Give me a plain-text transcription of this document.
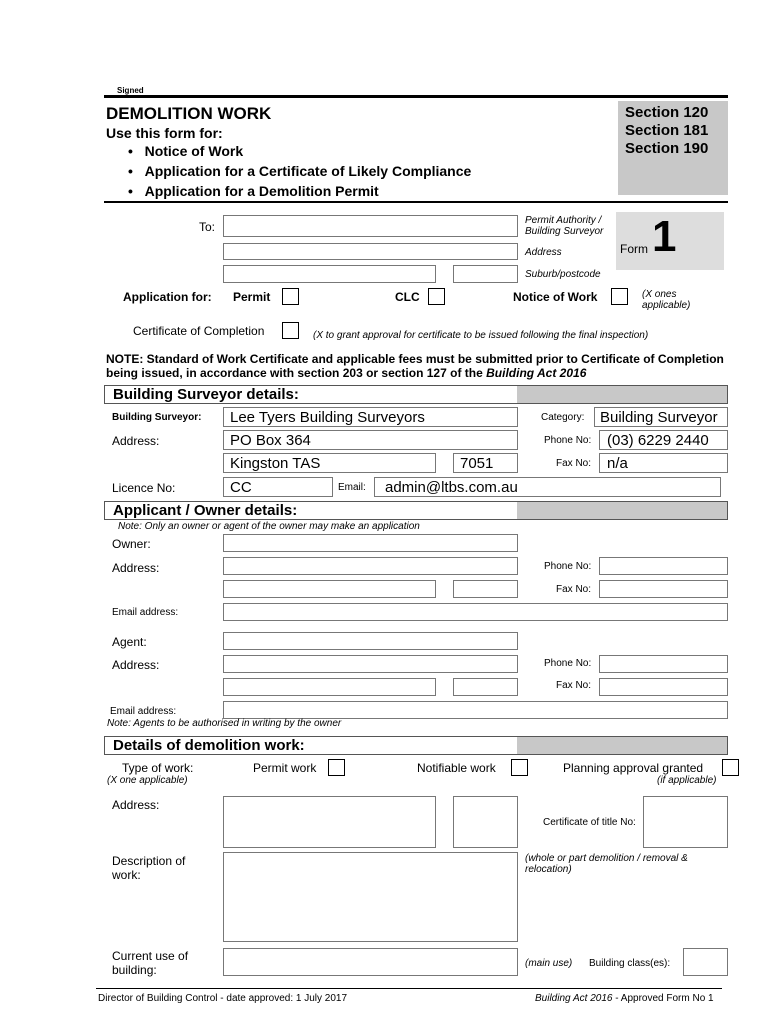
Signed
DEMOLITION WORK
Use this form for:
•   Notice of Work
•   Application for a Certificate of Likely Compliance
•   Application for a Demolition Permit
Section 120
Section 181
Section 190
To:	Permit Authority / Building Surveyor
Address
Suburb/postcode
Form 1
Application for: Permit	CLC	Notice of Work	(X ones applicable)
Certificate of Completion	(X to grant approval for certificate to be issued following the final inspection)
NOTE: Standard of Work Certificate and applicable fees must be submitted prior to Certificate of Completion being issued, in accordance with section 203 or section 127 of the Building Act 2016
Building Surveyor details:
Building Surveyor: Lee Tyers Building Surveyors	Category: Building Surveyor
Address:	PO Box 364	Phone No: (03) 6229 2440
Kingston TAS	7051	Fax No: n/a
Licence No:	CC	Email: admin@ltbs.com.au
Applicant / Owner details:
Note: Only an owner or agent of the owner may make an application
Owner:
Address:	Phone No:
Fax No:
Email address:
Agent:
Address:	Phone No:
Fax No:
Email address:
Note: Agents to be authorised in writing by the owner
Details of demolition work:
Type of work:
(X one applicable)
Permit work	Notifiable work	Planning approval granted
(if applicable)
Address:
Certificate of title No:
Description of work:
(whole or part demolition / removal & relocation)
Current use of building:	(main use) Building class(es):
Director of Building Control - date approved: 1 July 2017	Building Act 2016 - Approved Form No 1
